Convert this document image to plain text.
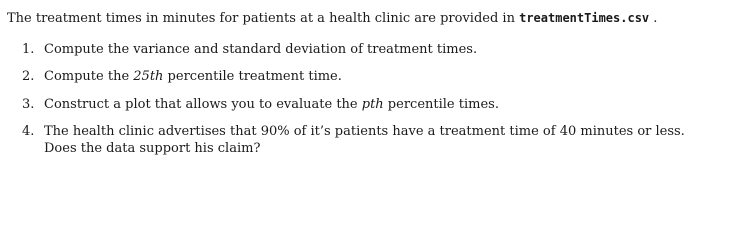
The treatment times in minutes for patients at a health clinic are provided in treatmentTimes.csv .
1. Compute the variance and standard deviation of treatment times.
2. Compute the 25th percentile treatment time.
3. Construct a plot that allows you to evaluate the pth percentile times.
4. The health clinic advertises that 90% of it’s patients have a treatment time of 40 minutes or less.
Does the data support his claim?
